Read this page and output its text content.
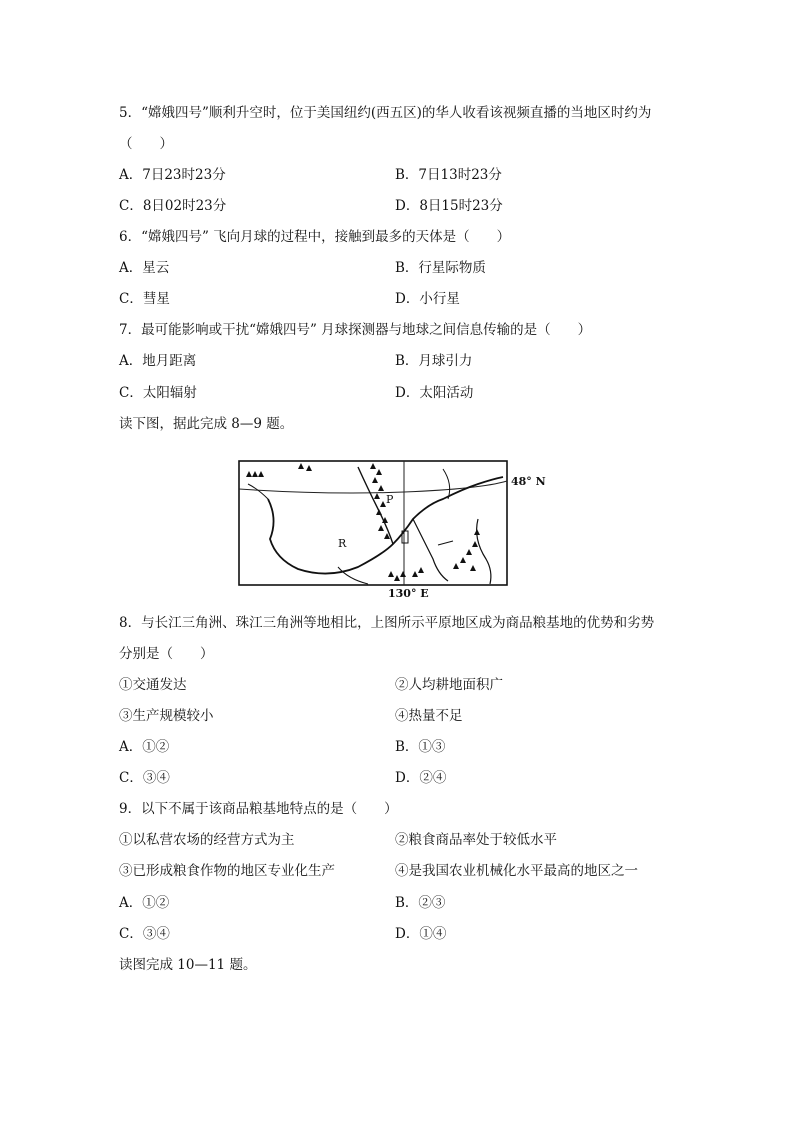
5．“嫦娥四号”顺利升空时，位于美国纽约(西五区)的华人收看该视频直播的当地区时约为
（　　）
A．7日23时23分	B．7日13时23分
C．8日02时23分	D．8日15时23分
6．“嫦娥四号” 飞向月球的过程中，接触到最多的天体是（　　）
A．星云	B．行星际物质
C．彗星	D．小行星
7．最可能影响或干扰“嫦娥四号” 月球探测器与地球之间信息传输的是（　　）
A．地月距离	B．月球引力
C．太阳辐射	D．太阳活动
读下图，据此完成 8—9 题。
P
R
48° N
130° E
8．与长江三角洲、珠江三角洲等地相比，上图所示平原地区成为商品粮基地的优势和劣势
分别是（　　）
①交通发达	②人均耕地面积广
③生产规模较小	④热量不足
A．①②	B．①③
C．③④	D．②④
9．以下不属于该商品粮基地特点的是（　　）
①以私营农场的经营方式为主	②粮食商品率处于较低水平
③已形成粮食作物的地区专业化生产	④是我国农业机械化水平最高的地区之一
A．①②	B．②③
C．③④	D．①④
读图完成 10—11 题。
